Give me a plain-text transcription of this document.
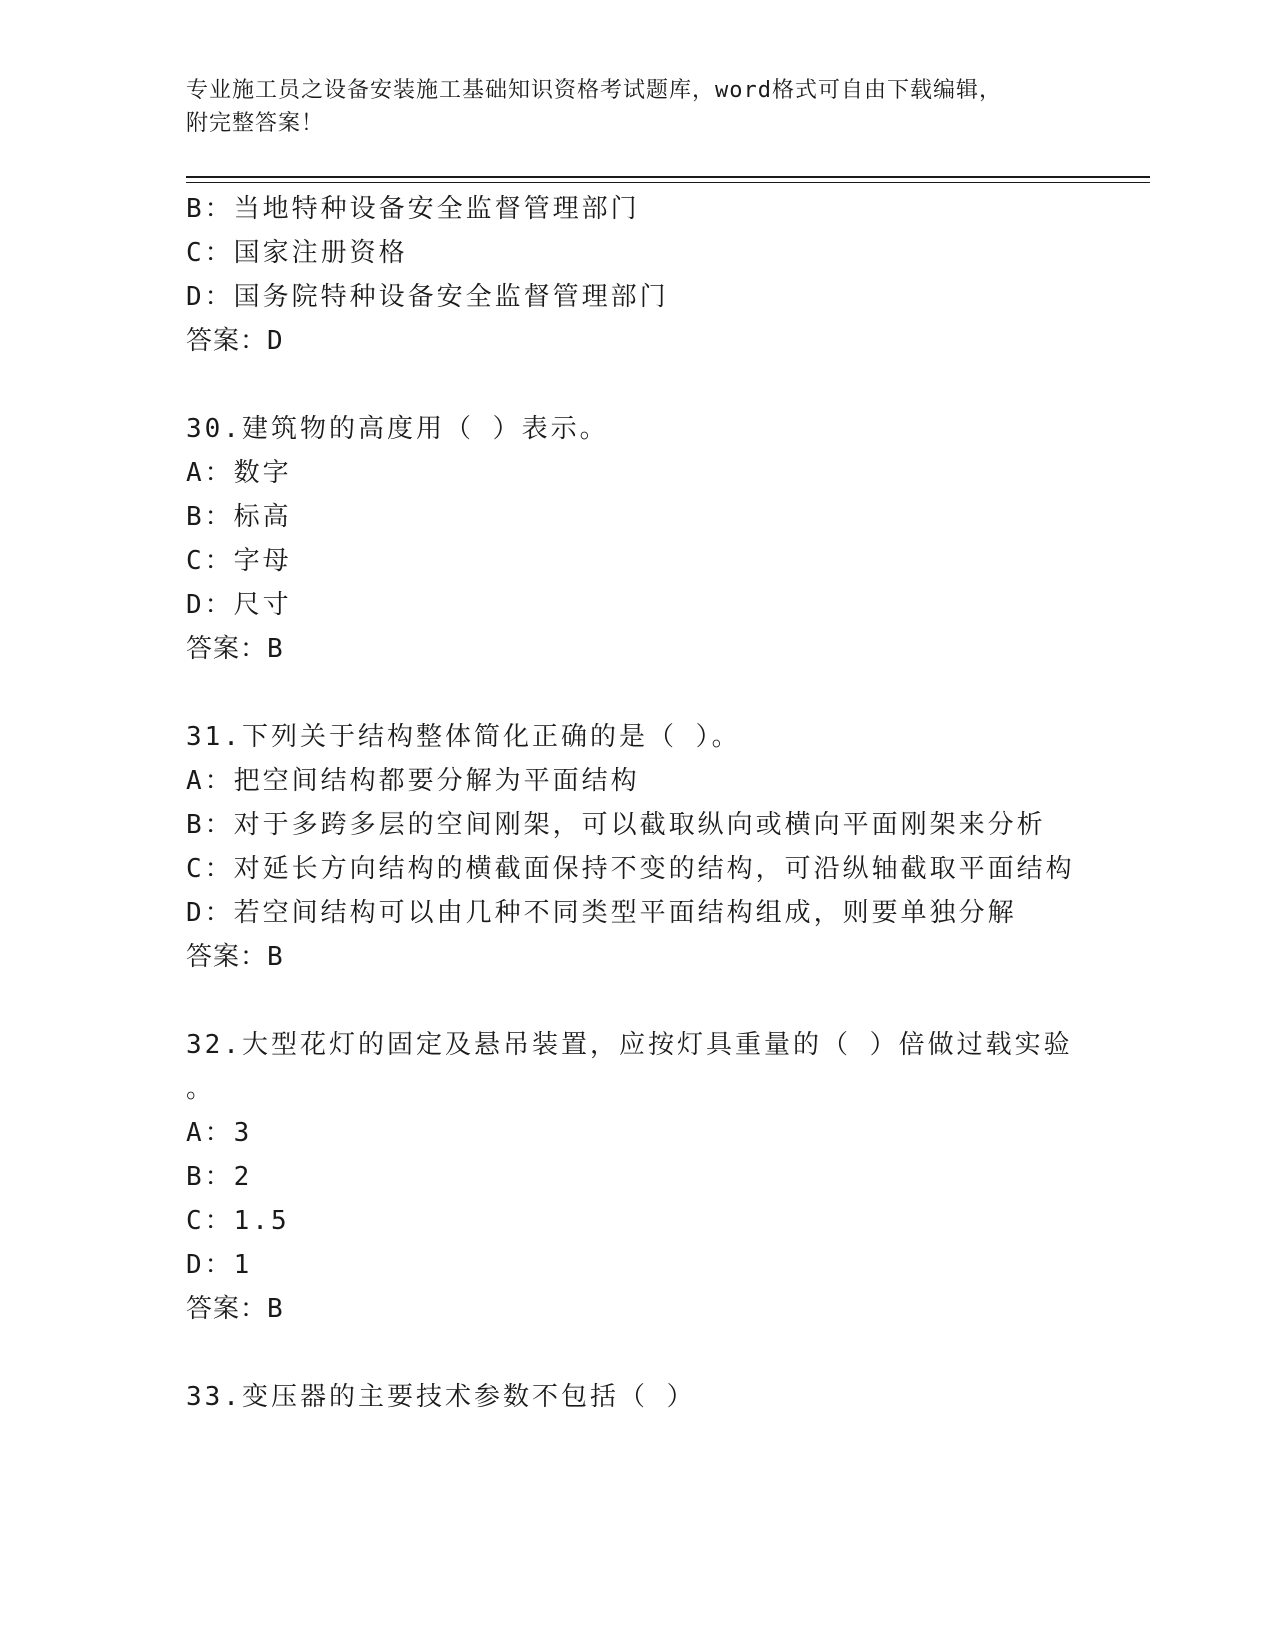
专业施工员之设备安装施工基础知识资格考试题库，word格式可自由下载编辑，
附完整答案！
B：当地特种设备安全监督管理部门
C：国家注册资格
D：国务院特种设备安全监督管理部门
答案：D
30.建筑物的高度用（ ）表示。
A：数字
B：标高
C：字母
D：尺寸
答案：B
31.下列关于结构整体简化正确的是（ ）。
A：把空间结构都要分解为平面结构
B：对于多跨多层的空间刚架，可以截取纵向或横向平面刚架来分析
C：对延长方向结构的横截面保持不变的结构，可沿纵轴截取平面结构
D：若空间结构可以由几种不同类型平面结构组成，则要单独分解
答案：B
32.大型花灯的固定及悬吊装置，应按灯具重量的（ ）倍做过载实验
。
A：3
B：2
C：1.5
D：1
答案：B
33.变压器的主要技术参数不包括（ ）
